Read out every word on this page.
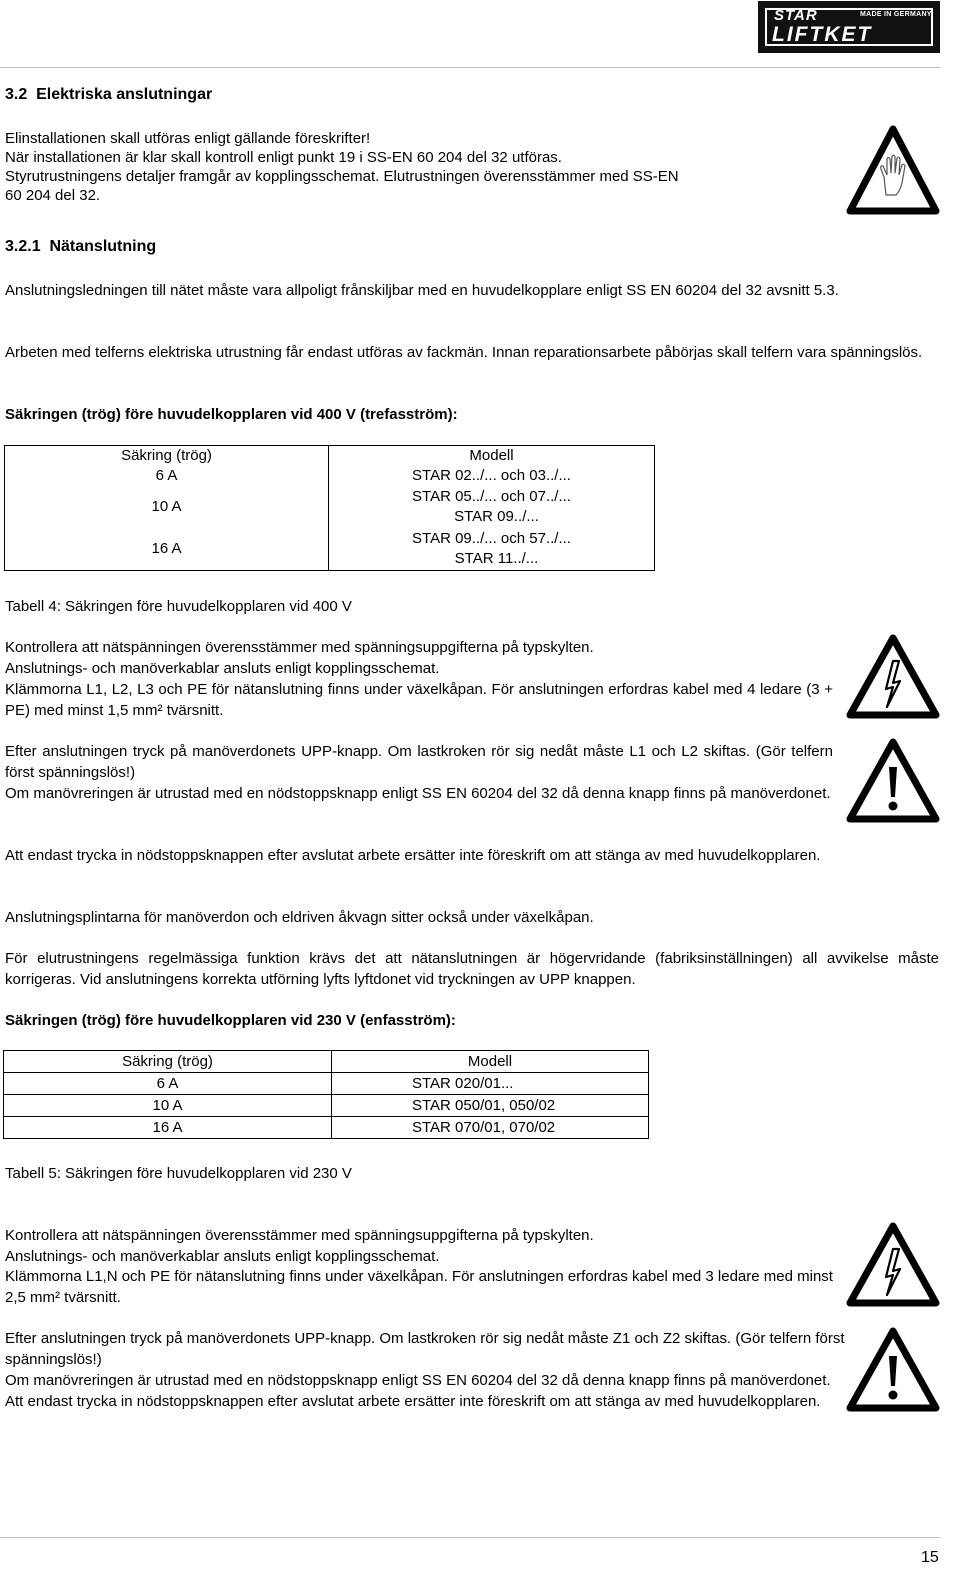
STAR	MADE IN GERMANY
LIFTKET
3.2  Elektriska anslutningar
Elinstallationen skall utföras enligt gällande föreskrifter!
När installationen är klar skall kontroll enligt punkt 19 i SS-EN 60 204 del 32 utföras.
Styrutrustningens detaljer framgår av kopplingsschemat. Elutrustningen överensstämmer med SS-EN
60 204 del 32.
3.2.1  Nätanslutning
Anslutningsledningen till nätet måste vara allpoligt frånskiljbar med en huvudelkopplare enligt SS EN 60204 del 32 avsnitt 5.3.
Arbeten med telferns elektriska utrustning får endast utföras av fackmän. Innan reparationsarbete påbörjas skall telfern vara spänningslös.
Säkringen (trög) före huvudelkopplaren vid 400 V (trefasström):
Säkring (trög)	Modell
6 A	STAR 02../... och 03../...
10 A	STAR 05../... och 07../...
STAR 09../...

16 A	STAR 09../... och 57../...
STAR 11../...
Tabell 4: Säkringen före huvudelkopplaren vid 400 V
Kontrollera att nätspänningen överensstämmer med spänningsuppgifterna på typskylten.
Anslutnings- och manöverkablar ansluts enligt kopplingsschemat.
Klämmorna L1, L2, L3 och PE för nätanslutning finns under växelkåpan. För anslutningen erfordras kabel med 4 ledare (3 + PE) med minst 1,5 mm² tvärsnitt.
Efter anslutningen tryck på manöverdonets UPP-knapp. Om lastkroken rör sig nedåt måste L1 och L2 skiftas. (Gör telfern först spänningslös!)
Om manövreringen är utrustad med en nödstoppsknapp enligt SS EN 60204 del 32 då denna knapp finns på manöverdonet.
Att endast trycka in nödstoppsknappen efter avslutat arbete ersätter inte föreskrift om att stänga av med huvudelkopplaren.
Anslutningsplintarna för manöverdon och eldriven åkvagn sitter också under växelkåpan.
För elutrustningens regelmässiga funktion krävs det att nätanslutningen är högervridande (fabriksinställningen) all avvikelse måste korrigeras. Vid anslutningens korrekta utförning lyfts lyftdonet vid tryckningen av UPP knappen.
Säkringen (trög) före huvudelkopplaren vid 230 V (enfasström):
Säkring (trög)	Modell
6 A	STAR 020/01...
10 A	STAR 050/01, 050/02
16 A	STAR 070/01, 070/02
Tabell 5: Säkringen före huvudelkopplaren vid 230 V
Kontrollera att nätspänningen överensstämmer med spänningsuppgifterna på typskylten.
Anslutnings- och manöverkablar ansluts enligt kopplingsschemat.
Klämmorna L1,N och PE för nätanslutning finns under växelkåpan. För anslutningen erfordras kabel med 3 ledare med minst 2,5 mm² tvärsnitt.
Efter anslutningen tryck på manöverdonets UPP-knapp. Om lastkroken rör sig nedåt måste Z1 och Z2 skiftas. (Gör telfern först spänningslös!)
Om manövreringen är utrustad med en nödstoppsknapp enligt SS EN 60204 del 32 då denna knapp finns på manöverdonet. Att endast trycka in nödstoppsknappen efter avslutat arbete ersätter inte föreskrift om att stänga av med huvudelkopplaren.
15
